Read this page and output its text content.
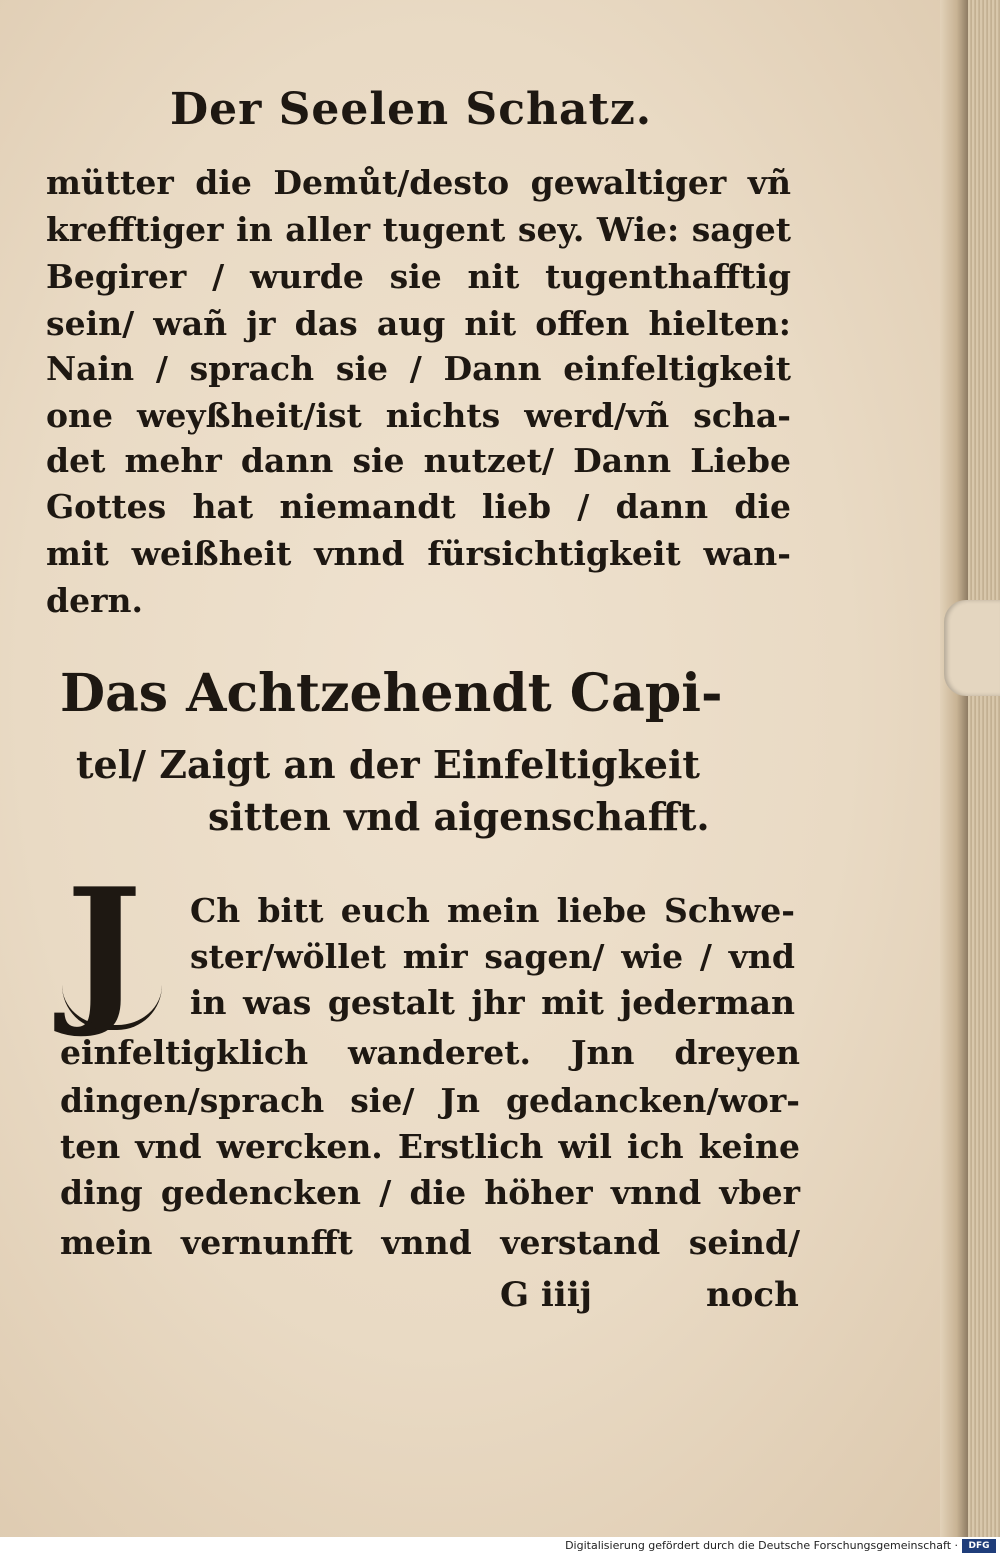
Der Seelen Schatz.
mütter die Demůt/desto gewaltiger vñ
krefftiger in aller tugent sey. Wie: saget
Begirer / wurde sie nit tugenthafftig
sein/ wañ jr das aug nit offen hielten:
Nain / sprach sie / Dann einfeltigkeit
one weyßheit/ist nichts werd/vñ scha-
det mehr dann sie nutzet/ Dann Liebe
Gottes hat niemandt lieb / dann die
mit weißheit vnnd fürsichtigkeit wan-
dern.
Das Achtzehendt Capi-
tel/ Zaigt an der Einfeltigkeit
sitten vnd aigenschafft.
J	Ch bitt euch mein liebe Schwe-
ster/wöllet mir sagen/ wie / vnd
in was gestalt jhr mit jederman
einfeltigklich wanderet. Jnn dreyen
dingen/sprach sie/ Jn gedancken/wor-
ten vnd wercken. Erstlich wil ich keine
ding gedencken / die höher vnnd vber
mein vernunfft vnnd verstand seind/
G iiij	noch
Digitalisierung gefördert durch die Deutsche Forschungsgemeinschaft ·	DFG
